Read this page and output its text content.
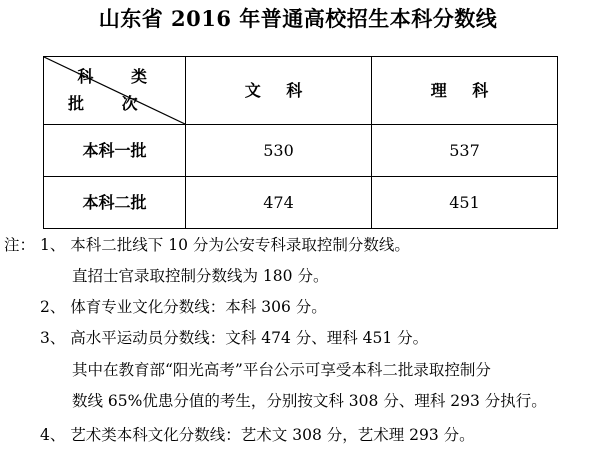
山东省 2016 年普通高校招生本科分数线
科 类
批 次	文 科	理 科
本科一批	530	537
本科二批	474	451
注： 1、 本科二批线下 10 分为公安专科录取控制分数线。
直招士官录取控制分数线为 180 分。
2、 体育专业文化分数线：本科 306 分。
3、 高水平运动员分数线：文科 474 分、理科 451 分。
其中在教育部“阳光高考”平台公示可享受本科二批录取控制分
数线 65%优患分值的考生，分别按文科 308 分、理科 293 分执行。
4、 艺术类本科文化分数线：艺术文 308 分，艺术理 293 分。
